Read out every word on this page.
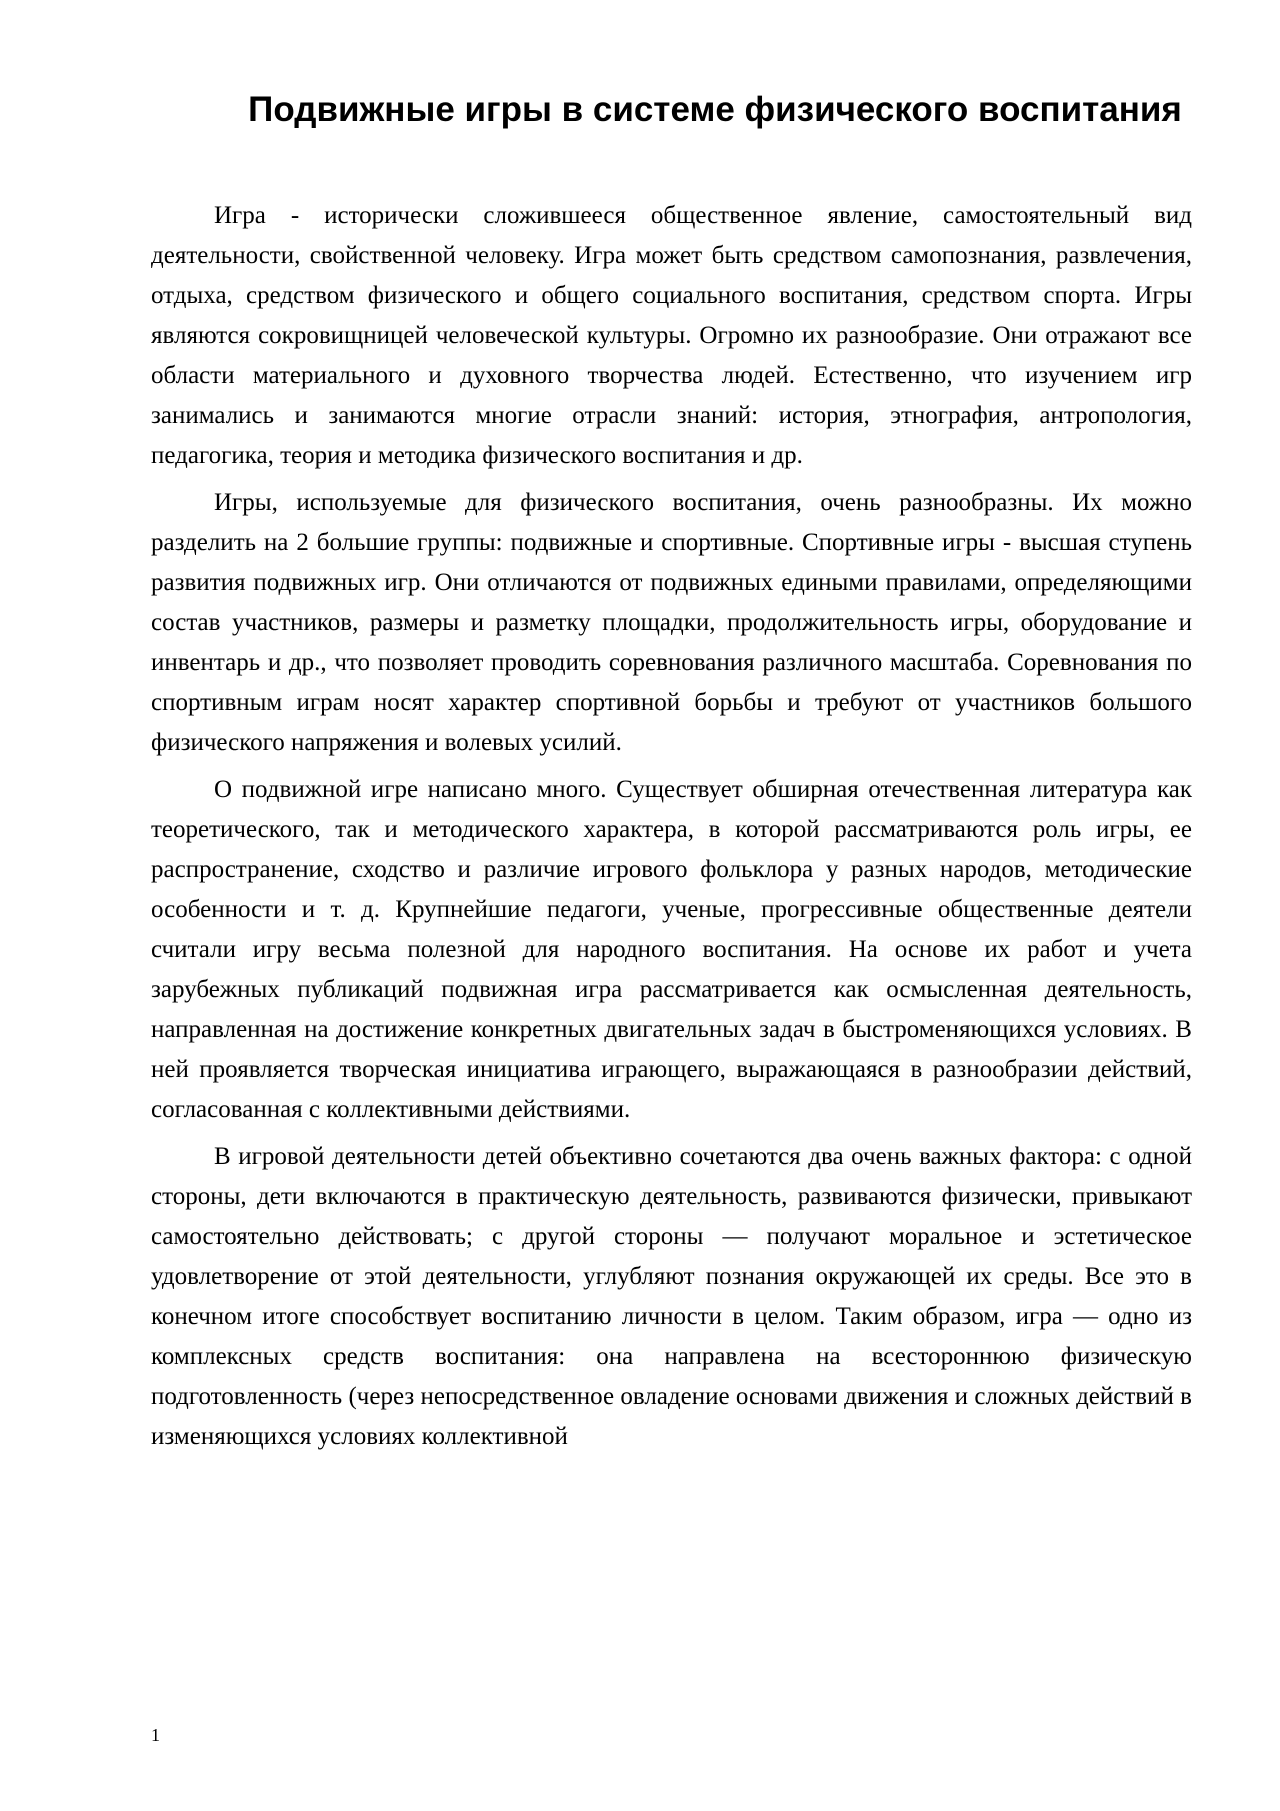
Подвижные игры в системе физического воспитания

Игра - исторически сложившееся общественное явление, самостоятельный вид деятельности, свойственной человеку. Игра может быть средством самопознания, развлечения, отдыха, средством физического и общего социального воспитания, средством спорта. Игры являются сокровищницей человеческой культуры. Огромно их разнообразие. Они отражают все области материального и духовного творчества людей. Естественно, что изучением игр занимались и занимаются многие отрасли знаний: история, этнография, антропология, педагогика, теория и методика физического воспитания и др.

Игры, используемые для физического воспитания, очень разнообразны. Их можно разделить на 2 большие группы: подвижные и спортивные. Спортивные игры - высшая ступень развития подвижных игр. Они отличаются от подвижных едиными правилами, определяющими состав участников, размеры и разметку площадки, продолжительность игры, оборудование и инвентарь и др., что позволяет проводить соревнования различного масштаба. Соревнования по спортивным играм носят характер спортивной борьбы и требуют от участников большого физического напряжения и волевых усилий.

О подвижной игре написано много. Существует обширная отечественная литература как теоретического, так и методического характера, в которой рассматриваются роль игры, ее распространение, сходство и различие игрового фольклора у разных народов, методические особенности и т. д. Крупнейшие педагоги, ученые, прогрессивные общественные деятели считали игру весьма полезной для народного воспитания. На основе их работ и учета зарубежных публикаций подвижная игра рассматривается как осмысленная деятельность, направленная на достижение конкретных двигательных задач в быстроменяющихся условиях. В ней проявляется творческая инициатива играющего, выражающаяся в разнообразии действий, согласованная с коллективными действиями.

В игровой деятельности детей объективно сочетаются два очень важных фактора: с одной стороны, дети включаются в практическую деятельность, развиваются физически, привыкают самостоятельно действовать; с другой стороны — получают моральное и эстетическое удовлетворение от этой деятельности, углубляют познания окружающей их среды. Все это в конечном итоге способствует воспитанию личности в целом. Таким образом, игра — одно из комплексных средств воспитания: она направлена на всестороннюю физическую подготовленность (через непосредственное овладение основами движения и сложных действий в изменяющихся условиях коллективной

1
